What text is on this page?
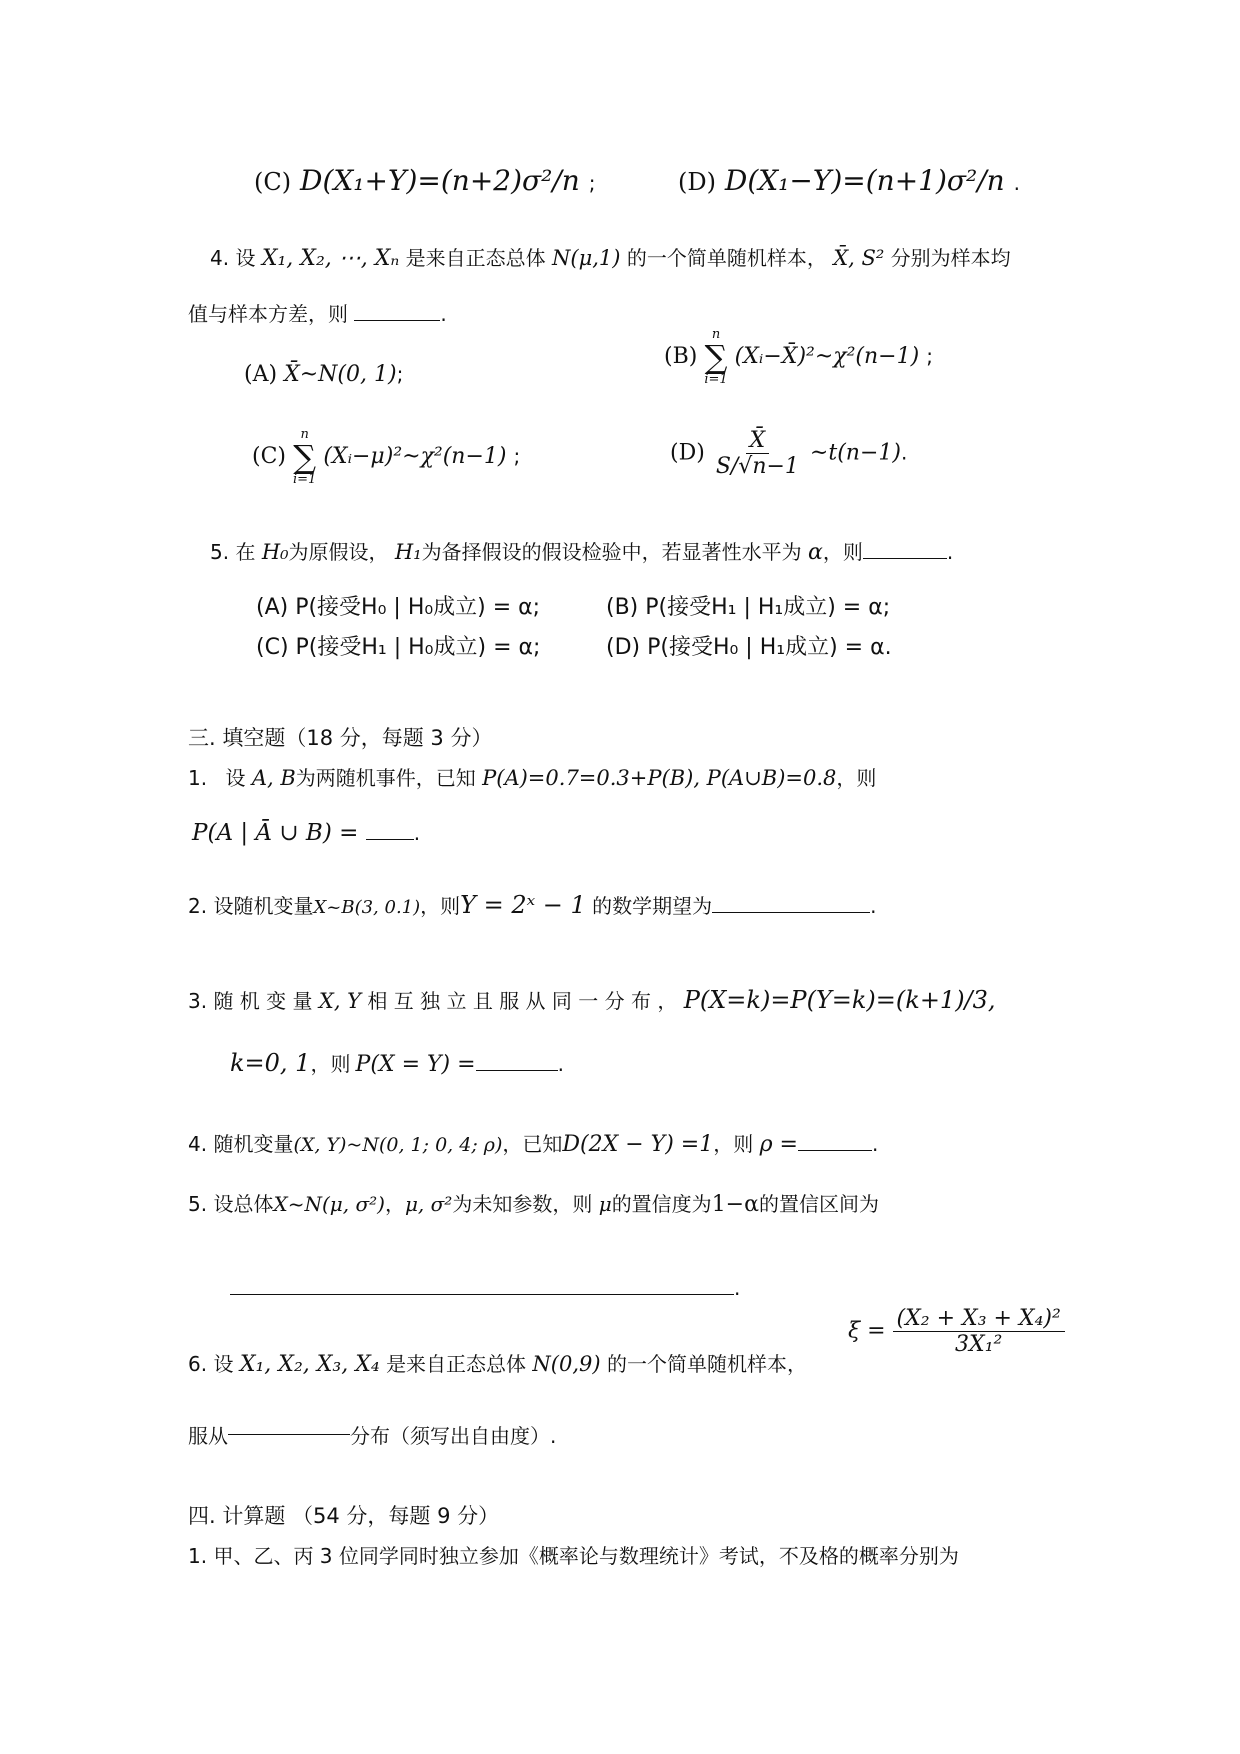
(C) D(X₁+Y)=(n+2)σ²/n ;	(D) D(X₁−Y)=(n+1)σ²/n .
4. 设 X₁, X₂, ⋯, Xₙ 是来自正态总体 N(μ,1) 的一个简单随机样本， X̄, S² 分别为样本均
值与样本方差，则	.
(A) X̄~N(0, 1);
(B)
n
∑
i=1
(Xᵢ−X̄)²~χ²(n−1) ;
(C)
n
∑
i=1
(Xᵢ−μ)²~χ²(n−1) ;	$(D) \frac{X̄}{S/√n-1}$ ~t(n−1).
5. 在 H₀为原假设， H₁为备择假设的假设检验中，若显著性水平为 α，则	.
(A) P(接受H₀ | H₀成立) = α;	(B) P(接受H₁ | H₁成立) = α;
(C) P(接受H₁ | H₀成立) = α;	(D) P(接受H₀ | H₁成立) = α.
三. 填空题（18 分，每题 3 分）
1. 设 A, B为两随机事件，已知 P(A)=0.7=0.3+P(B), P(A∪B)=0.8，则
P(A | Ā ∪ B) =	.
2. 设随机变量X~B(3, 0.1)，则Y = 2ˣ − 1 的数学期望为	.
3. 随 机 变 量 X, Y 相 互 独 立 且 服 从 同 一 分 布 ， P(X=k)=P(Y=k)=(k+1)/3,
k=0, 1，则 P(X = Y) =	.
4. 随机变量(X, Y)~N(0, 1; 0, 4; ρ)，已知D(2X − Y) =1，则 ρ =	.
5. 设总体X~N(μ, σ²)，μ, σ²为未知参数，则 μ的置信度为1−α的置信区间为
.
6. 设 X₁, X₂, X₃, X₄ 是来自正态总体 N(0,9) 的一个简单随机样本，
$\xi = \frac{\text{(X₂ + X₃ + X₄)²}}{\text{3X₁²}}$
服从	分布（须写出自由度）.
四. 计算题 （54 分，每题 9 分）
1. 甲、乙、丙 3 位同学同时独立参加《概率论与数理统计》考试，不及格的概率分别为
